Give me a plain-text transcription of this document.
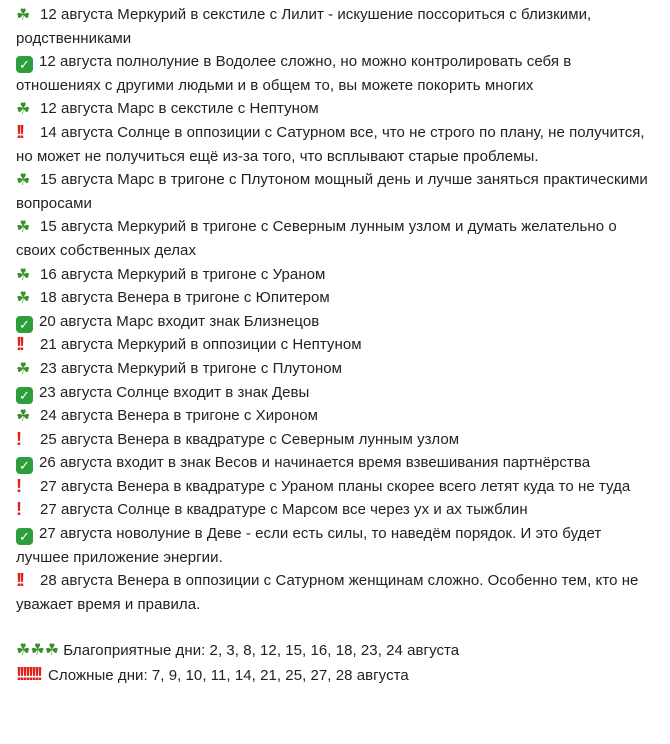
☘ 12 августа Меркурий в секстиле с Лилит - искушение поссориться с близкими, родственниками

✓ 12 августа полнолуние в Водолее сложно, но можно контролировать себя в отношениях с другими людьми и в общем то, вы можете покорить многих

☘ 12 августа Марс в секстиле с Нептуном

!! 14 августа Солнце в оппозиции с Сатурном все, что не строго по плану, не получится, но может не получиться ещё из-за того, что всплывают старые проблемы.

☘ 15 августа Марс в тригоне с Плутоном мощный день и лучше заняться практическими вопросами

☘ 15 августа Меркурий в тригоне с Северным лунным узлом и думать желательно о своих собственных делах

☘ 16 августа Меркурий в тригоне с Ураном

☘ 18 августа Венера в тригоне с Юпитером

✓ 20 августа Марс входит знак Близнецов

!! 21 августа Меркурий в оппозиции с Нептуном

☘ 23 августа Меркурий в тригоне с Плутоном

✓ 23 августа Солнце входит в знак Девы

☘ 24 августа Венера в тригоне с Хироном

! 25 августа Венера в квадратуре с Северным лунным узлом

✓ 26 августа входит в знак Весов и начинается время взвешивания партнёрства

! 27 августа Венера в квадратуре с Ураном планы скорее всего летят куда то не туда

! 27 августа Солнце в квадратуре с Марсом все через ух и ах тыжблин

✓ 27 августа новолуние в Деве - если есть силы, то наведём порядок. И это будет лучшее приложение энергии.

!! 28 августа Венера в оппозиции с Сатурном женщинам сложно. Особенно тем, кто не уважает время и правила.

☘☘☘Благоприятные дни: 2, 3, 8, 12, 15, 16, 18, 23, 24 августа

!!!!!!!! Сложные дни: 7, 9, 10, 11, 14, 21, 25, 27, 28 августа
